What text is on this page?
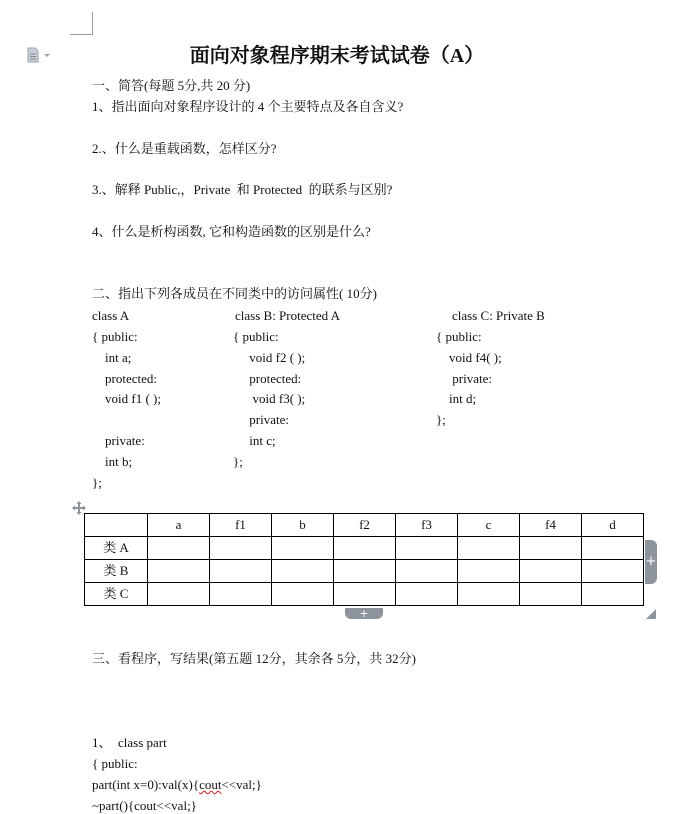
面向对象程序期末考试试卷（A）
一、简答(每题 5分,共 20 分)
1、指出面向对象程序设计的 4 个主要特点及各自含义?
2.、什么是重载函数，怎样区分?
3.、解释 Public,，Private  和 Protected  的联系与区别?
4、什么是析构函数, 它和构造函数的区别是什么?
二、指出下列各成员在不同类中的访问属性( 10分)
class A
{ public:
int a;
protected:
void f1 ( );
private:
int b;
};
class B: Protected A
{ public:
void f2 ( );
protected:
void f3( );
private:
int c;
};
class C: Private B
{ public:
void f4( );
private:
int d;
};
	a	f1	b	f2	f3	c	f4	d
类 A								
类 B								
类 C								
+
+
三、看程序，写结果(第五题 12分，其余各 5分，共 32分)
1、  class part
{ public:
part(int x=0):val(x){cout<<val;}
~part(){cout<<val;}
